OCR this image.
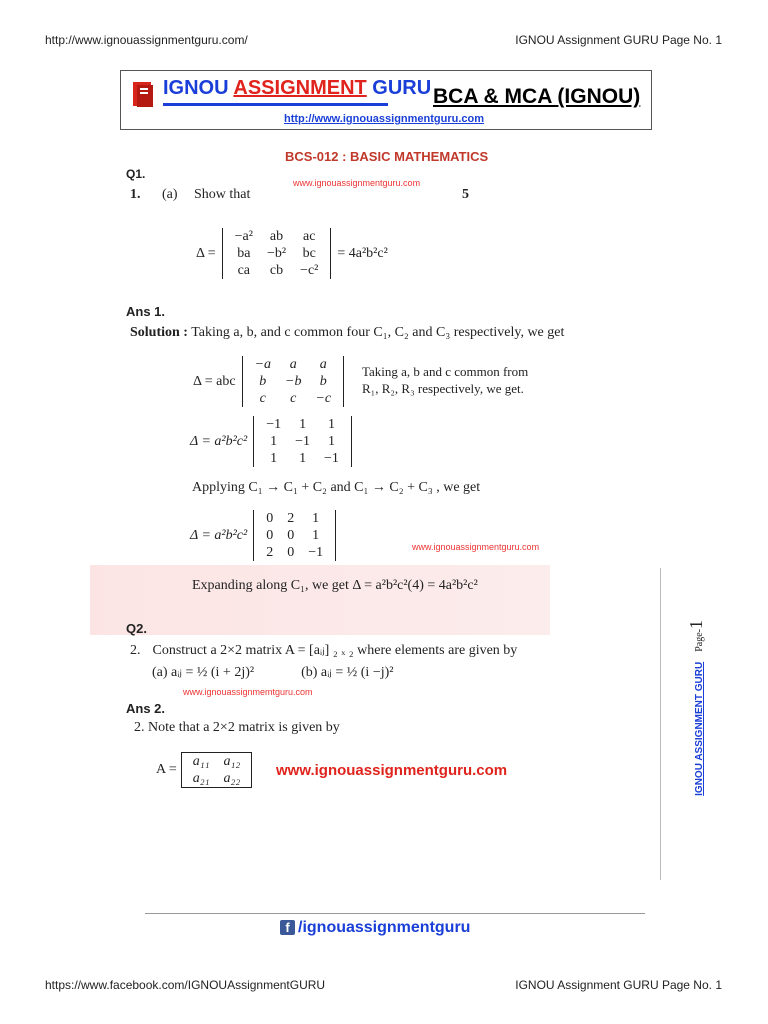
http://www.ignouassignmentguru.com/	IGNOU Assignment GURU Page No. 1
IGNOU ASSIGNMENT GURU BCA & MCA (IGNOU)
http://www.ignouassignmentguru.com
BCS-012 : BASIC MATHEMATICS
Q1.
www.ignouassignmentguru.com
1. (a) Show that	5
Δ =
−a²	ab	ac
ba	−b²	bc
ca	cb	−c²
= 4a²b²c²
Ans 1.
Solution : Taking a, b, and c common four C₁, C₂ and C₃ respectively, we get
Δ = abc
−a	a	a
b	−b	b
c	c	−c
Taking a, b and c common from
R₁, R₂, R₃ respectively, we get.
Δ = a²b²c²
−1	1	1
1	−1	1
1	1	−1
Applying C₁ → C₁ + C₂ and C₁ → C₂ + C₃ , we get
Δ = a²b²c²
0	2	1
0	0	1
2	0	−1	www.ignouassignmentguru.com
Expanding along C₁, we get Δ = a²b²c²(4) = 4a²b²c²
Q2.
2. Construct a 2×2 matrix A = [aᵢⱼ] ₂ ₓ ₂ where elements are given by
(a) aᵢⱼ = ½ (i + 2j)²	(b) aᵢⱼ = ½ (i −j)²
www.ignouassignmemtguru.com
Ans 2.
2. Note that a 2×2 matrix is given by
A =
a₁₁	a₁₂
a₂₁	a₂₂ www.ignouassignmentguru.com	IGNOU ASSIGNMENT GURU Page-1
f /ignouassignmentguru
https://www.facebook.com/IGNOUAssignmentGURU	IGNOU Assignment GURU Page No. 1
